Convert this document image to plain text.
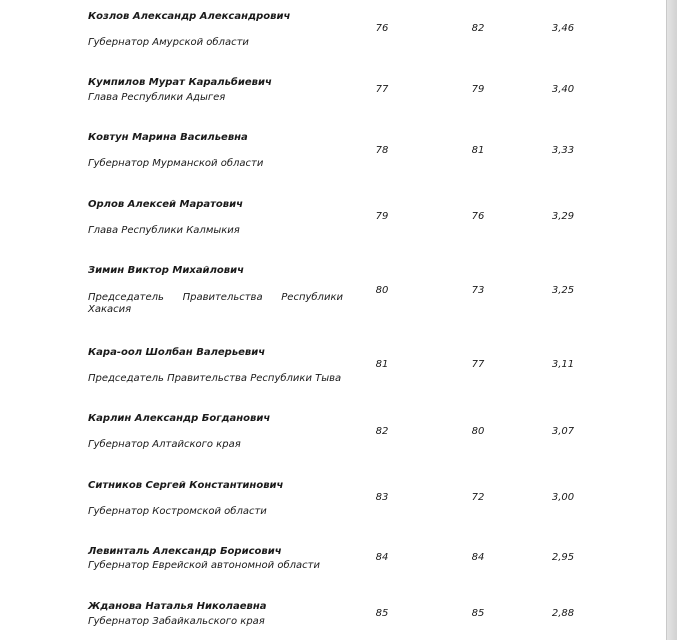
Козлов Александр Александрович
Губернатор Амурской области
76	82	3,46
Кумпилов Мурат Каральбиевич
Глава Республики Адыгея
77	79	3,40
Ковтун Марина Васильевна
Губернатор Мурманской области
78	81	3,33
Орлов Алексей Маратович
Глава Республики Калмыкия
79	76	3,29
Зимин Виктор Михайлович
Председатель Правительства Республики Хакасия
80	73	3,25
Кара-оол Шолбан Валерьевич
Председатель Правительства Республики Тыва
81	77	3,11
Карлин Александр Богданович
Губернатор Алтайского края
82	80	3,07
Ситников Сергей Константинович
Губернатор Костромской области
83	72	3,00
Левинталь Александр Борисович
Губернатор Еврейской автономной области
84	84	2,95
Жданова Наталья Николаевна
Губернатор Забайкальского края
85	85	2,88
